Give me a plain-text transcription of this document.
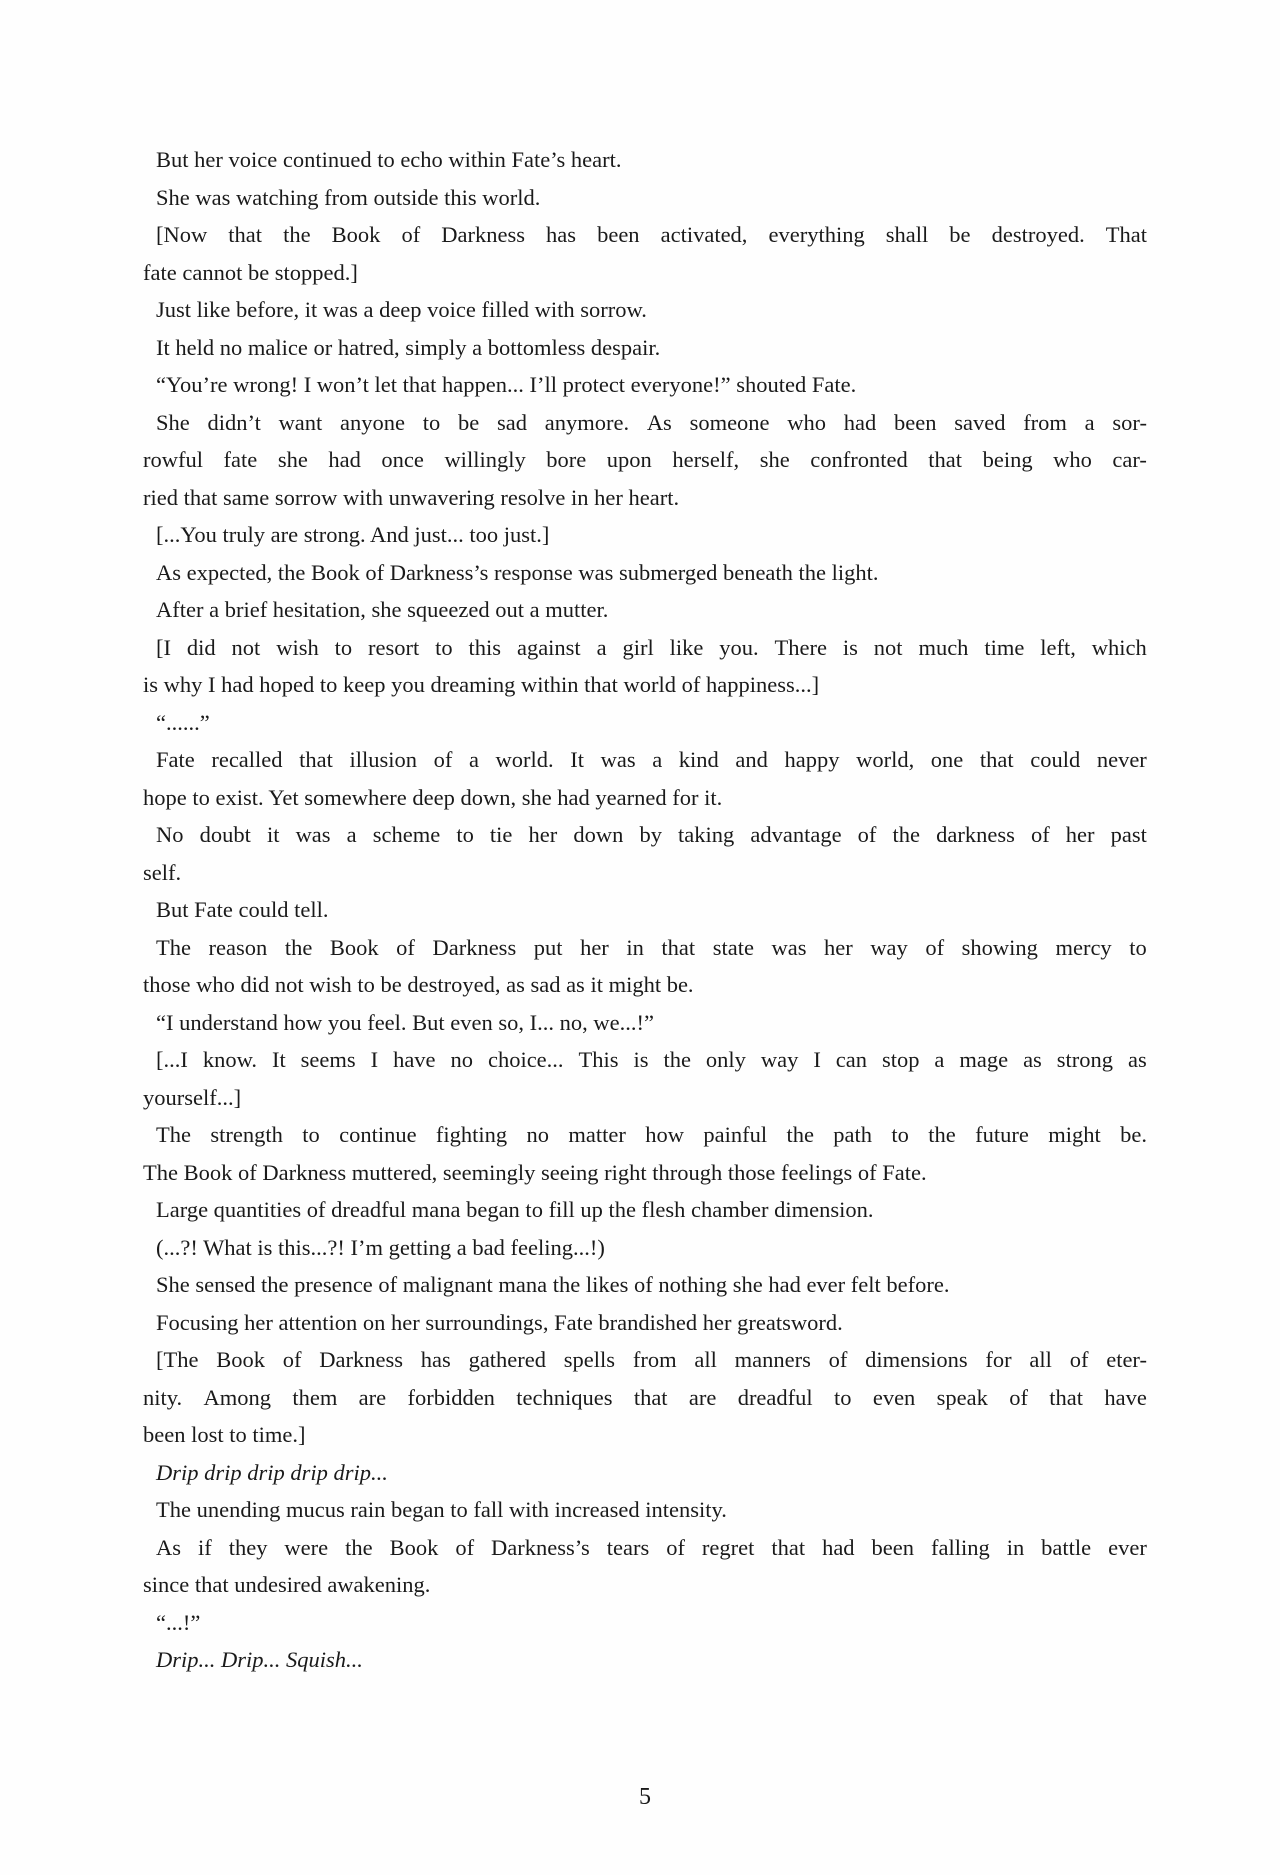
But her voice continued to echo within Fate’s heart.
She was watching from outside this world.
[Now that the Book of Darkness has been activated, everything shall be destroyed. That
fate cannot be stopped.]
Just like before, it was a deep voice filled with sorrow.
It held no malice or hatred, simply a bottomless despair.
“You’re wrong! I won’t let that happen... I’ll protect everyone!” shouted Fate.
She didn’t want anyone to be sad anymore. As someone who had been saved from a sor-
rowful fate she had once willingly bore upon herself, she confronted that being who car-
ried that same sorrow with unwavering resolve in her heart.
[...You truly are strong. And just... too just.]
As expected, the Book of Darkness’s response was submerged beneath the light.
After a brief hesitation, she squeezed out a mutter.
[I did not wish to resort to this against a girl like you. There is not much time left, which
is why I had hoped to keep you dreaming within that world of happiness...]
“......”
Fate recalled that illusion of a world. It was a kind and happy world, one that could never
hope to exist. Yet somewhere deep down, she had yearned for it.
No doubt it was a scheme to tie her down by taking advantage of the darkness of her past
self.
But Fate could tell.
The reason the Book of Darkness put her in that state was her way of showing mercy to
those who did not wish to be destroyed, as sad as it might be.
“I understand how you feel. But even so, I... no, we...!”
[...I know. It seems I have no choice... This is the only way I can stop a mage as strong as
yourself...]
The strength to continue fighting no matter how painful the path to the future might be.
The Book of Darkness muttered, seemingly seeing right through those feelings of Fate.
Large quantities of dreadful mana began to fill up the flesh chamber dimension.
(...?! What is this...?! I’m getting a bad feeling...!)
She sensed the presence of malignant mana the likes of nothing she had ever felt before.
Focusing her attention on her surroundings, Fate brandished her greatsword.
[The Book of Darkness has gathered spells from all manners of dimensions for all of eter-
nity. Among them are forbidden techniques that are dreadful to even speak of that have
been lost to time.]
Drip drip drip drip drip...
The unending mucus rain began to fall with increased intensity.
As if they were the Book of Darkness’s tears of regret that had been falling in battle ever
since that undesired awakening.
“...!”
Drip... Drip... Squish...
5
